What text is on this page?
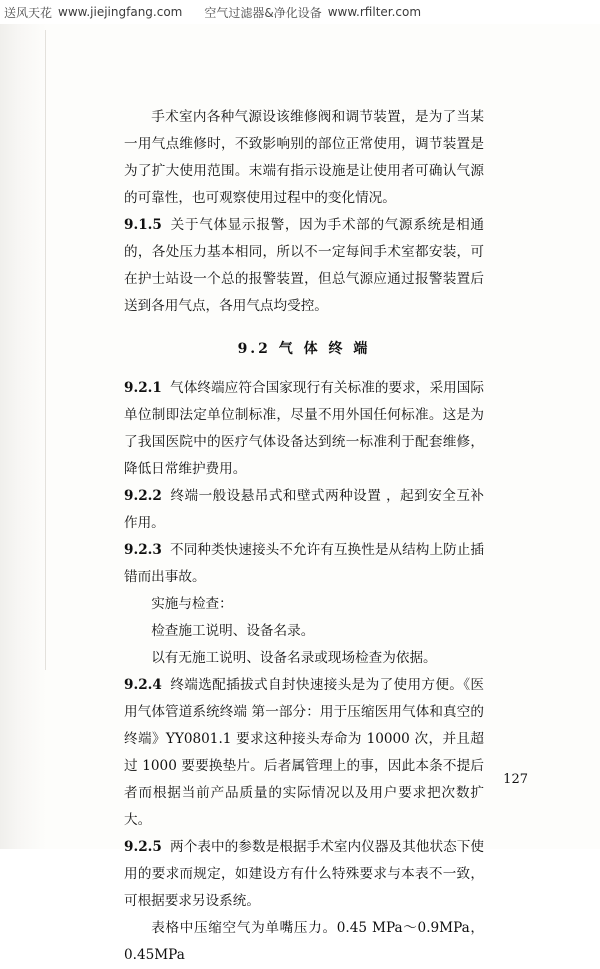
送风天花 www.jiejingfang.com 空气过滤器&净化设备 www.rfilter.com

手术室内各种气源设该维修阀和调节装置，是为了当某一用气点维修时，不致影响别的部位正常使用，调节装置是为了扩大使用范围。末端有指示设施是让使用者可确认气源的可靠性，也可观察使用过程中的变化情况。

9.1.5 关于气体显示报警，因为手术部的气源系统是相通的，各处压力基本相同，所以不一定每间手术室都安装，可在护士站设一个总的报警装置，但总气源应通过报警装置后送到各用气点，各用气点均受控。

9.2 气 体 终 端

9.2.1 气体终端应符合国家现行有关标准的要求，采用国际单位制即法定单位制标准，尽量不用外国任何标准。这是为了我国医院中的医疗气体设备达到统一标准利于配套维修，降低日常维护费用。

9.2.2 终端一般设悬吊式和壁式两种设置 ，起到安全互补作用。

9.2.3 不同种类快速接头不允许有互换性是从结构上防止插错而出事故。

实施与检查：

检查施工说明、设备名录。

以有无施工说明、设备名录或现场检查为依据。

9.2.4 终端选配插拔式自封快速接头是为了使用方便。《医用气体管道系统终端 第一部分：用于压缩医用气体和真空的终端》YY0801.1 要求这种接头寿命为 10000 次，并且超过 1000 要要换垫片。后者属管理上的事，因此本条不提后者而根据当前产品质量的实际情况以及用户要求把次数扩大。

9.2.5 两个表中的参数是根据手术室内仪器及其他状态下使用的要求而规定，如建设方有什么特殊要求与本表不一致，可根据要求另设系统。

表格中压缩空气为单嘴压力。0.45 MPa～0.9MPa，0.45MPa

127
